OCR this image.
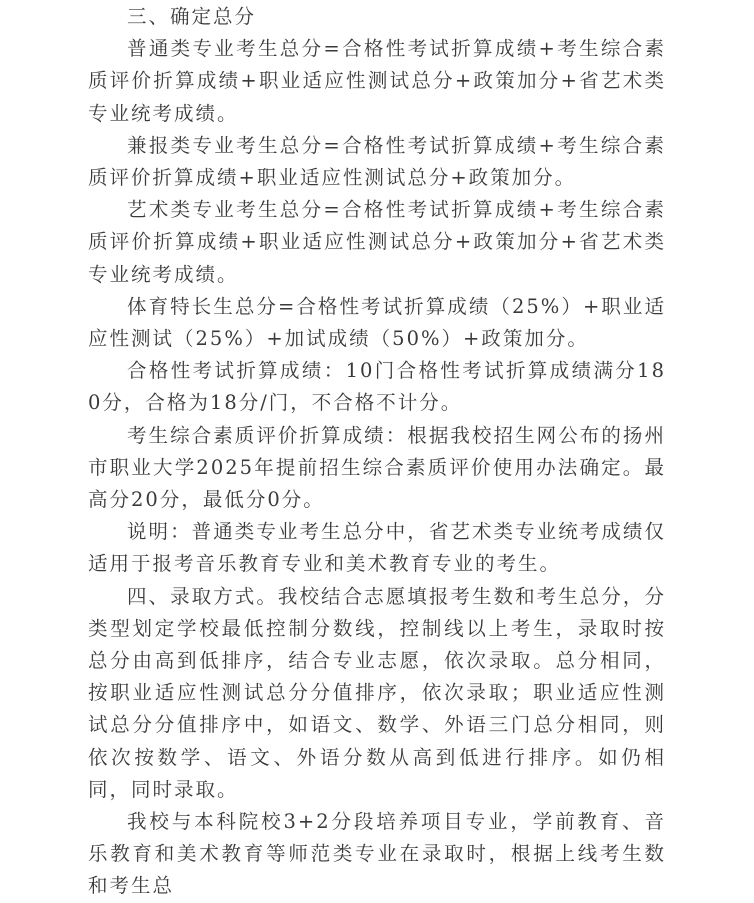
三、确定总分

普通类专业考生总分=合格性考试折算成绩+考生综合素质评价折算成绩+职业适应性测试总分+政策加分+省艺术类专业统考成绩。

兼报类专业考生总分=合格性考试折算成绩+考生综合素质评价折算成绩+职业适应性测试总分+政策加分。

艺术类专业考生总分=合格性考试折算成绩+考生综合素质评价折算成绩+职业适应性测试总分+政策加分+省艺术类专业统考成绩。

体育特长生总分=合格性考试折算成绩（25%）+职业适应性测试（25%）+加试成绩（50%）+政策加分。

合格性考试折算成绩：10门合格性考试折算成绩满分180分，合格为18分/门，不合格不计分。

考生综合素质评价折算成绩：根据我校招生网公布的扬州市职业大学2025年提前招生综合素质评价使用办法确定。最高分20分，最低分0分。

说明：普通类专业考生总分中，省艺术类专业统考成绩仅适用于报考音乐教育专业和美术教育专业的考生。

四、录取方式。我校结合志愿填报考生数和考生总分，分类型划定学校最低控制分数线，控制线以上考生，录取时按总分由高到低排序，结合专业志愿，依次录取。总分相同，按职业适应性测试总分分值排序，依次录取；职业适应性测试总分分值排序中，如语文、数学、外语三门总分相同，则依次按数学、语文、外语分数从高到低进行排序。如仍相同，同时录取。

我校与本科院校3+2分段培养项目专业，学前教育、音乐教育和美术教育等师范类专业在录取时，根据上线考生数和考生总
